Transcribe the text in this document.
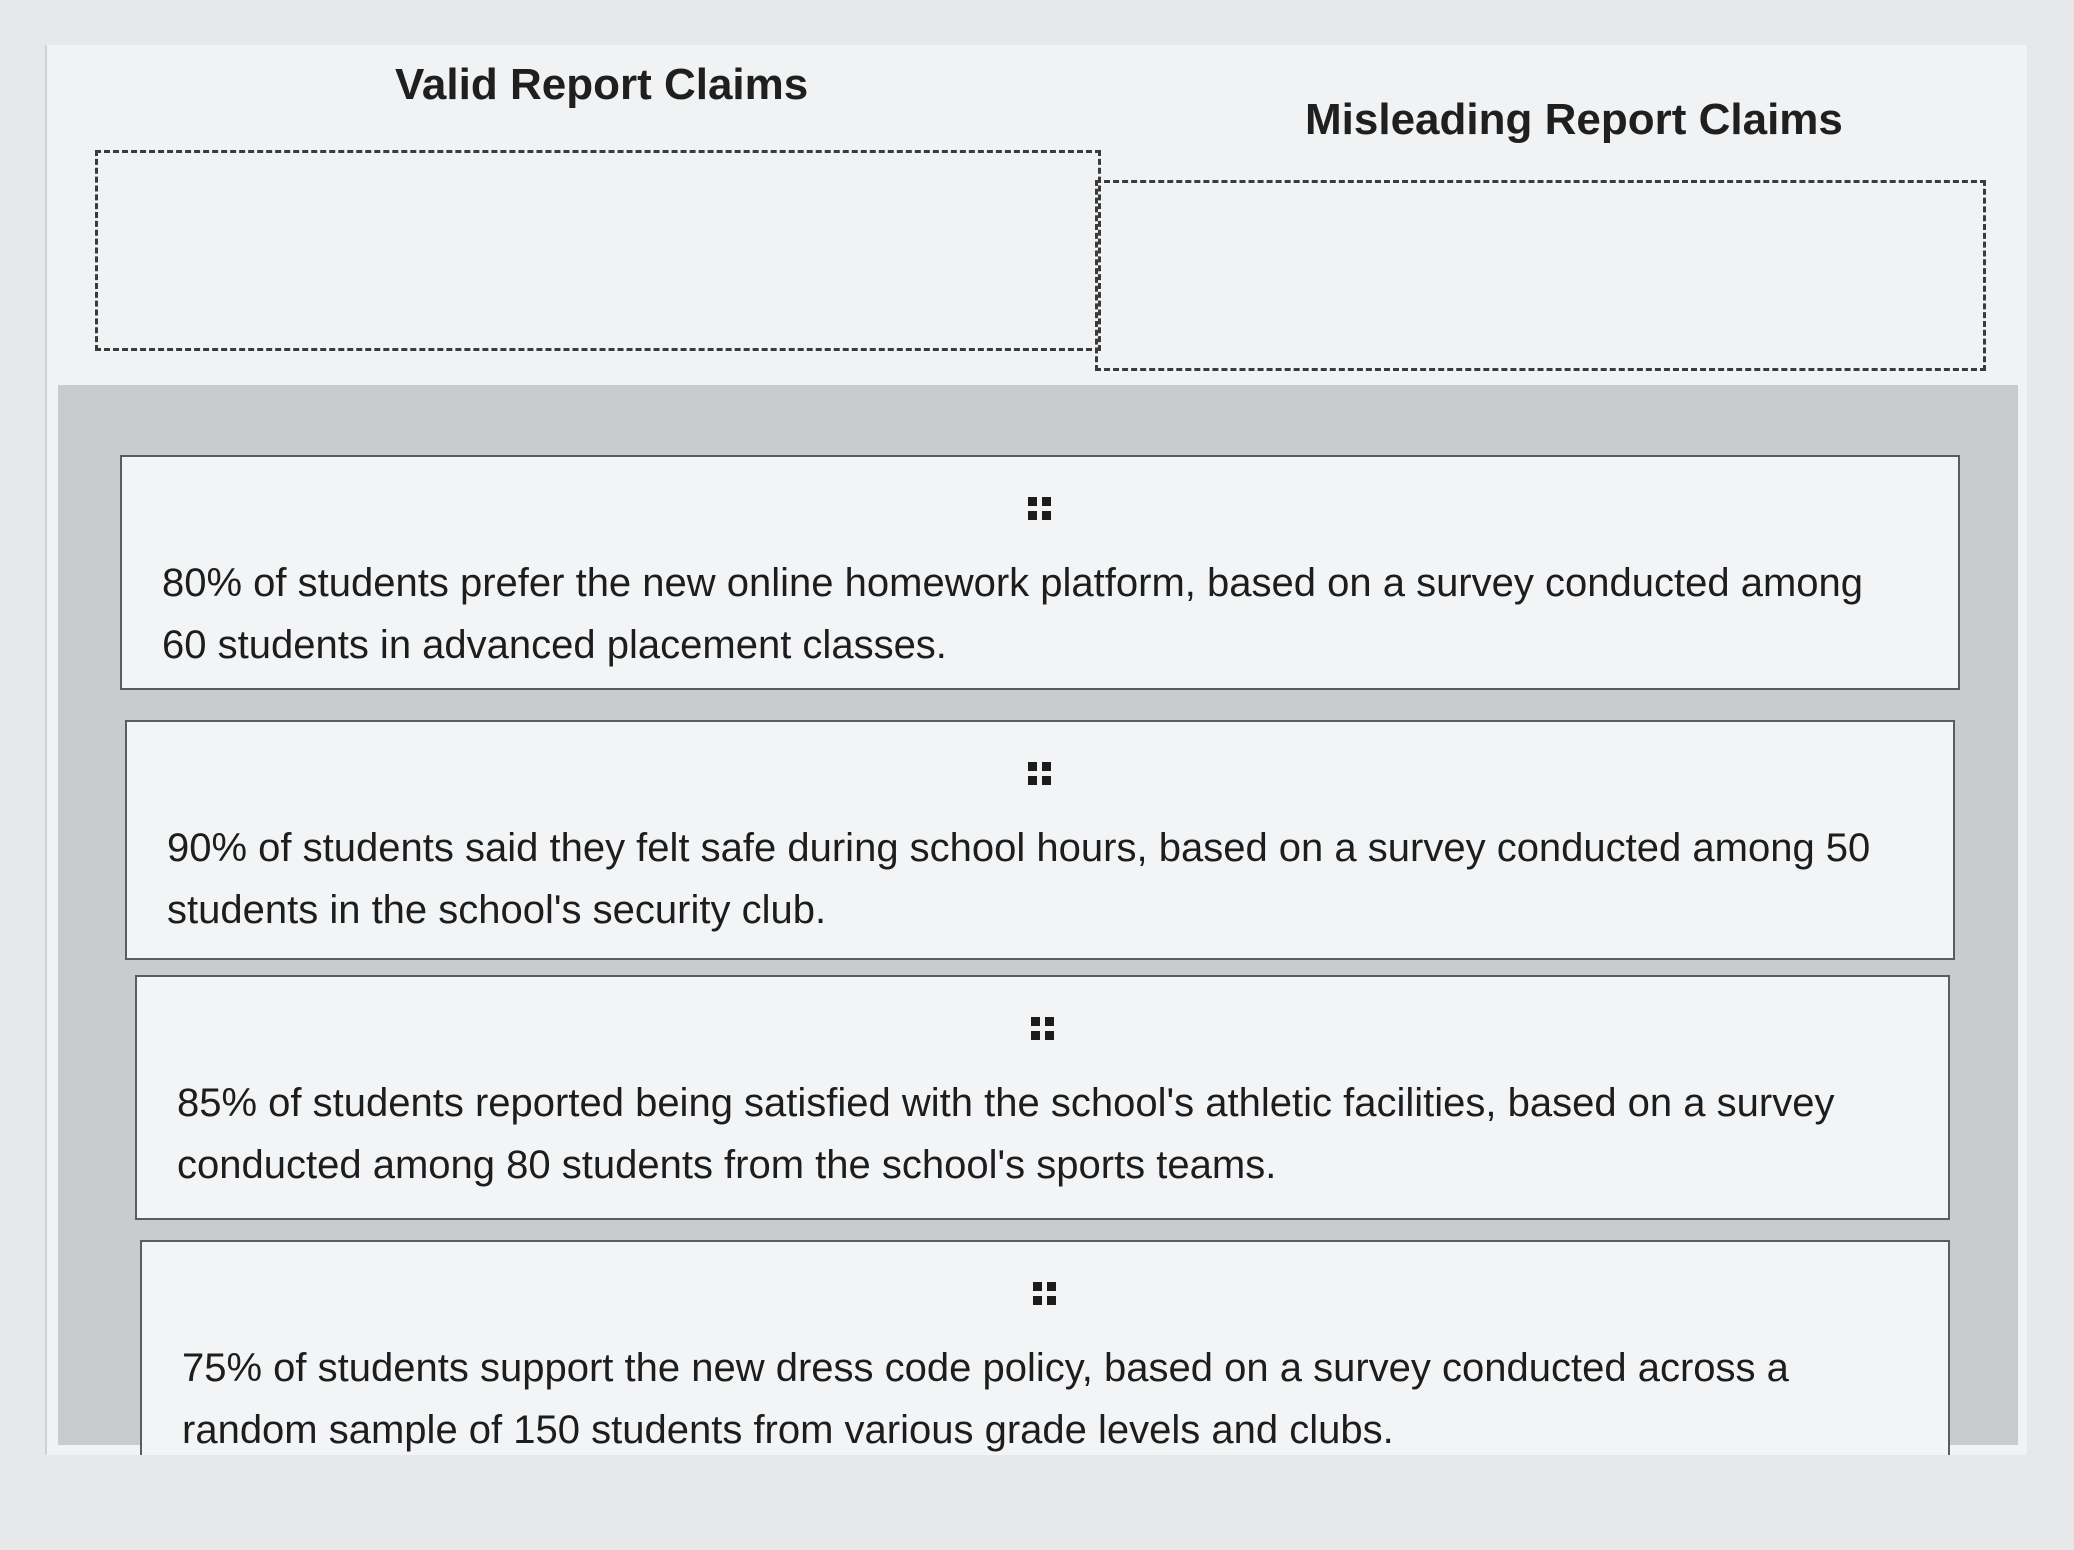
Valid Report Claims
Misleading Report Claims
80% of students prefer the new online homework platform, based on a survey conducted among 60 students in advanced placement classes.
90% of students said they felt safe during school hours, based on a survey conducted among 50 students in the school's security club.
85% of students reported being satisfied with the school's athletic facilities, based on a survey conducted among 80 students from the school's sports teams.
75% of students support the new dress code policy, based on a survey conducted across a random sample of 150 students from various grade levels and clubs.
